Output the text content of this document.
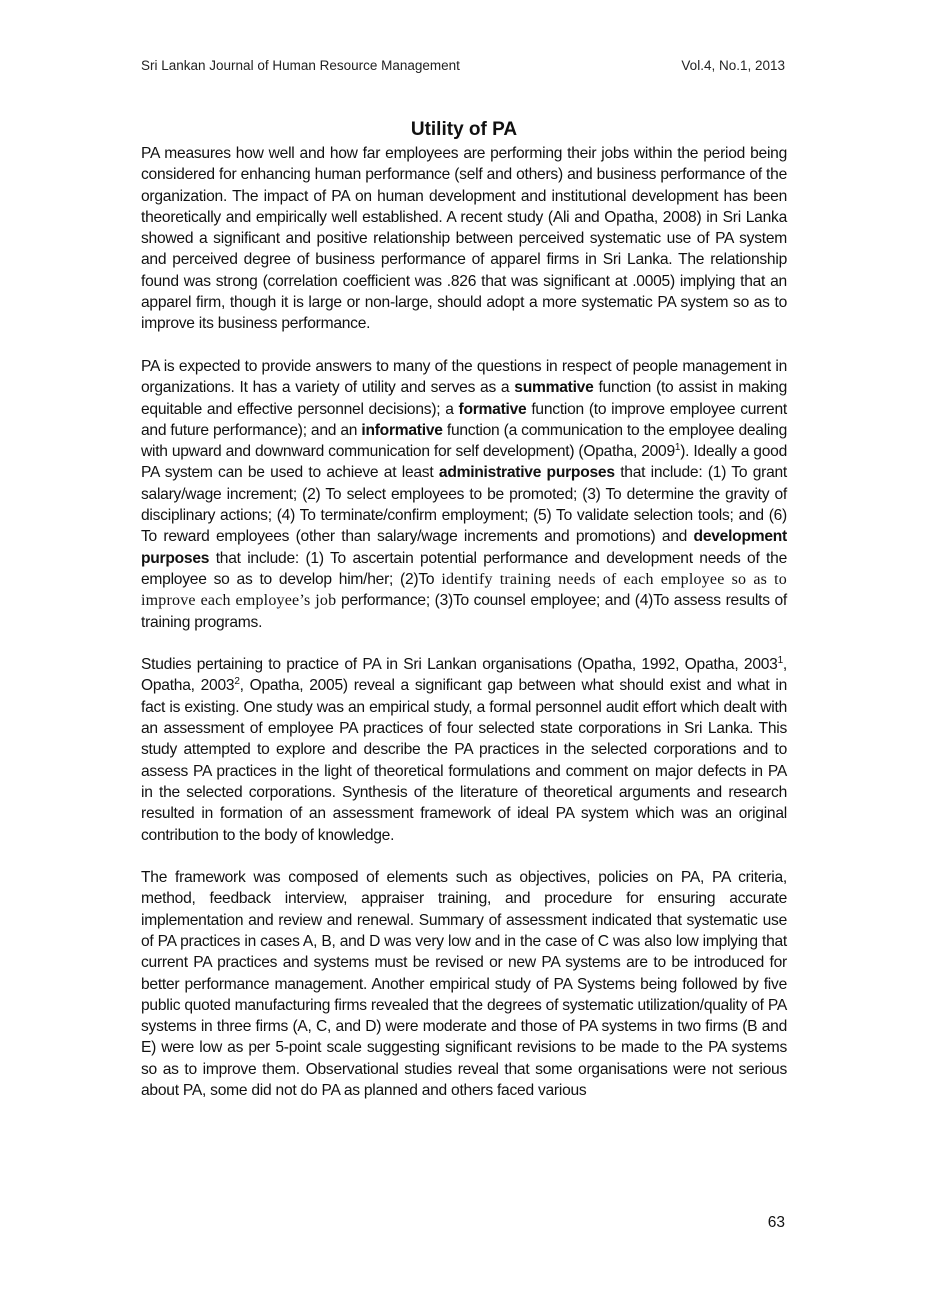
Sri Lankan Journal of Human Resource Management	Vol.4, No.1, 2013
Utility of PA

PA measures how well and how far employees are performing their jobs within the period being considered for enhancing human performance (self and others) and business performance of the organization. The impact of PA on human development and institutional development has been theoretically and empirically well established. A recent study (Ali and Opatha, 2008) in Sri Lanka showed a significant and positive relationship between perceived systematic use of PA system and perceived degree of business performance of apparel firms in Sri Lanka. The relationship found was strong (correlation coefficient was .826 that was significant at .0005) implying that an apparel firm, though it is large or non-large, should adopt a more systematic PA system so as to improve its business performance.

PA is expected to provide answers to many of the questions in respect of people management in organizations. It has a variety of utility and serves as a summative function (to assist in making equitable and effective personnel decisions); a formative function (to improve employee current and future performance); and an informative function (a communication to the employee dealing with upward and downward communication for self development) (Opatha, 2009$^1$). Ideally a good PA system can be used to achieve at least administrative purposes that include: (1) To grant salary/wage increment; (2) To select employees to be promoted; (3) To determine the gravity of disciplinary actions; (4) To terminate/confirm employment; (5) To validate selection tools; and (6) To reward employees (other than salary/wage increments and promotions) and development purposes that include: (1) To ascertain potential performance and development needs of the employee so as to develop him/her; (2)To identify training needs of each employee so as to improve each employee’s job performance; (3)To counsel employee; and (4)To assess results of training programs.

Studies pertaining to practice of PA in Sri Lankan organisations (Opatha, 1992, Opatha, 2003$^1$, Opatha, 2003$^2$, Opatha, 2005) reveal a significant gap between what should exist and what in fact is existing. One study was an empirical study, a formal personnel audit effort which dealt with an assessment of employee PA practices of four selected state corporations in Sri Lanka. This study attempted to explore and describe the PA practices in the selected corporations and to assess PA practices in the light of theoretical formulations and comment on major defects in PA in the selected corporations. Synthesis of the literature of theoretical arguments and research resulted in formation of an assessment framework of ideal PA system which was an original contribution to the body of knowledge.

The framework was composed of elements such as objectives, policies on PA, PA criteria, method, feedback interview, appraiser training, and procedure for ensuring accurate implementation and review and renewal. Summary of assessment indicated that systematic use of PA practices in cases A, B, and D was very low and in the case of C was also low implying that current PA practices and systems must be revised or new PA systems are to be introduced for better performance management. Another empirical study of PA Systems being followed by five public quoted manufacturing firms revealed that the degrees of systematic utilization/quality of PA systems in three firms (A, C, and D) were moderate and those of PA systems in two firms (B and E) were low as per 5-point scale suggesting significant revisions to be made to the PA systems so as to improve them. Observational studies reveal that some organisations were not serious about PA, some did not do PA as planned and others faced various

63
